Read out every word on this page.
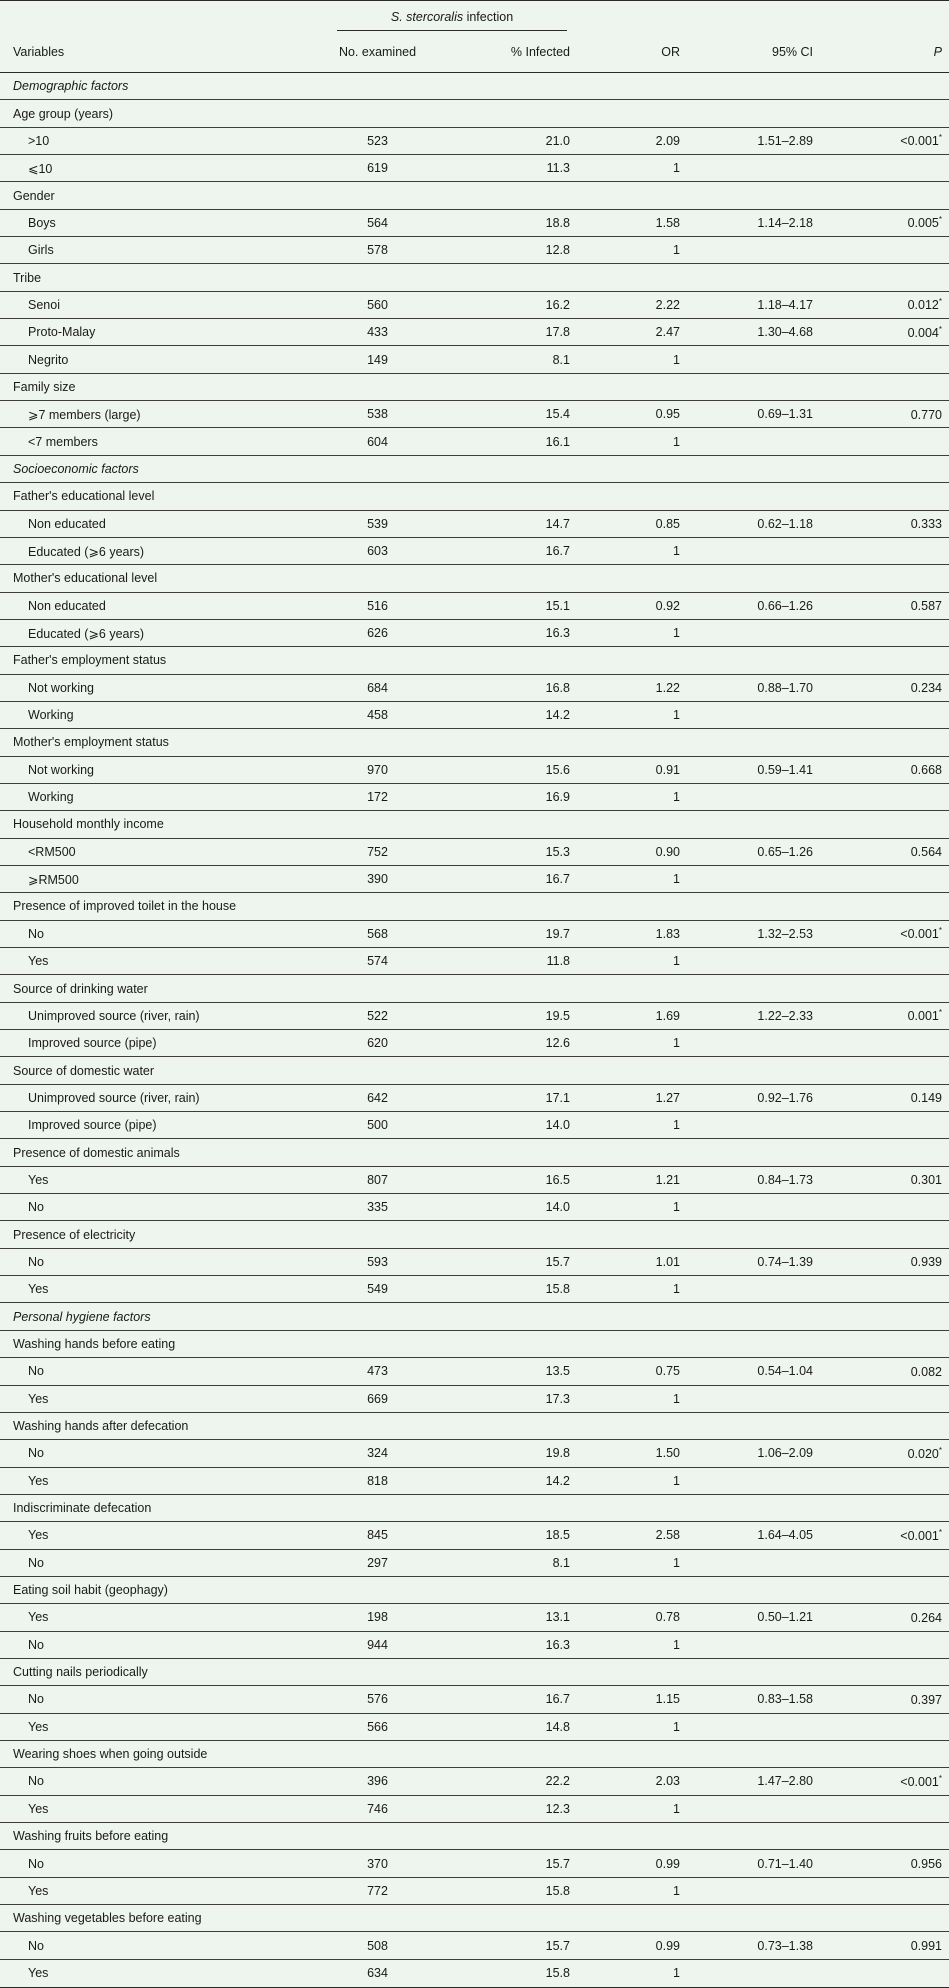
S. stercoralis infection
Variables	No. examined	% Infected	OR	95% CI	P
Demographic factors
Age group (years)
>10	523	21.0	2.09	1.51–2.89	<0.001*
⩽10	619	11.3	1
Gender
Boys	564	18.8	1.58	1.14–2.18	0.005*
Girls	578	12.8	1
Tribe
Senoi	560	16.2	2.22	1.18–4.17	0.012*
Proto-Malay	433	17.8	2.47	1.30–4.68	0.004*
Negrito	149	8.1	1
Family size
⩾7 members (large)	538	15.4	0.95	0.69–1.31	0.770
<7 members	604	16.1	1
Socioeconomic factors
Father's educational level
Non educated	539	14.7	0.85	0.62–1.18	0.333
Educated (⩾6 years)	603	16.7	1
Mother's educational level
Non educated	516	15.1	0.92	0.66–1.26	0.587
Educated (⩾6 years)	626	16.3	1
Father's employment status
Not working	684	16.8	1.22	0.88–1.70	0.234
Working	458	14.2	1
Mother's employment status
Not working	970	15.6	0.91	0.59–1.41	0.668
Working	172	16.9	1
Household monthly income
<RM500	752	15.3	0.90	0.65–1.26	0.564
⩾RM500	390	16.7	1
Presence of improved toilet in the house
No	568	19.7	1.83	1.32–2.53	<0.001*
Yes	574	11.8	1
Source of drinking water
Unimproved source (river, rain)	522	19.5	1.69	1.22–2.33	0.001*
Improved source (pipe)	620	12.6	1
Source of domestic water
Unimproved source (river, rain)	642	17.1	1.27	0.92–1.76	0.149
Improved source (pipe)	500	14.0	1
Presence of domestic animals
Yes	807	16.5	1.21	0.84–1.73	0.301
No	335	14.0	1
Presence of electricity
No	593	15.7	1.01	0.74–1.39	0.939
Yes	549	15.8	1
Personal hygiene factors
Washing hands before eating
No	473	13.5	0.75	0.54–1.04	0.082
Yes	669	17.3	1
Washing hands after defecation
No	324	19.8	1.50	1.06–2.09	0.020*
Yes	818	14.2	1
Indiscriminate defecation
Yes	845	18.5	2.58	1.64–4.05	<0.001*
No	297	8.1	1
Eating soil habit (geophagy)
Yes	198	13.1	0.78	0.50–1.21	0.264
No	944	16.3	1
Cutting nails periodically
No	576	16.7	1.15	0.83–1.58	0.397
Yes	566	14.8	1
Wearing shoes when going outside
No	396	22.2	2.03	1.47–2.80	<0.001*
Yes	746	12.3	1
Washing fruits before eating
No	370	15.7	0.99	0.71–1.40	0.956
Yes	772	15.8	1
Washing vegetables before eating
No	508	15.7	0.99	0.73–1.38	0.991
Yes	634	15.8	1
